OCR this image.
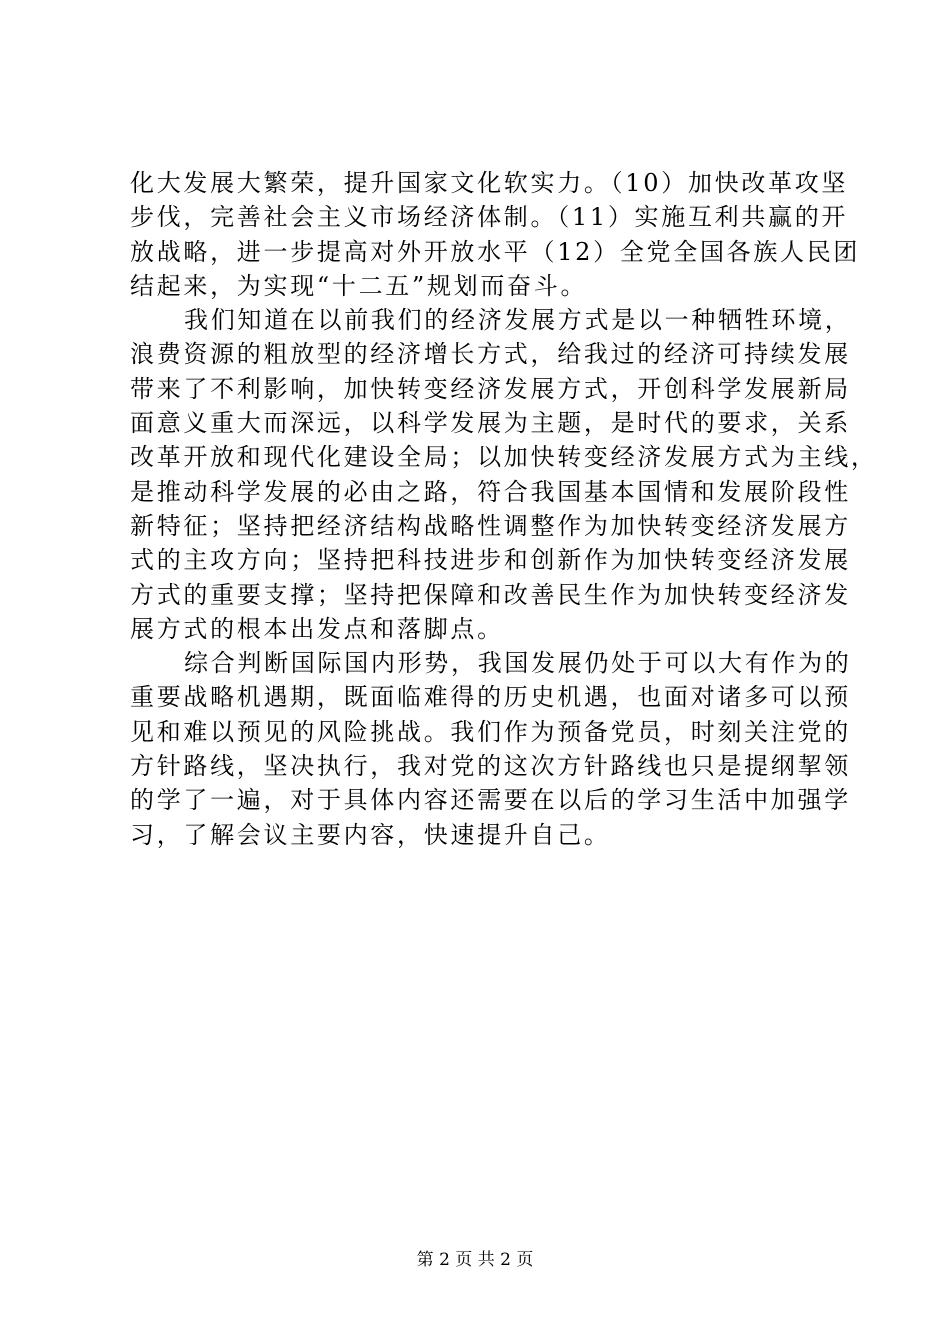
化大发展大繁荣，提升国家文化软实力。（10）加快改革攻坚
步伐，完善社会主义市场经济体制。（11）实施互利共赢的开
放战略，进一步提高对外开放水平（12）全党全国各族人民团
结起来，为实现“十二五”规划而奋斗。
我们知道在以前我们的经济发展方式是以一种牺牲环境，
浪费资源的粗放型的经济增长方式，给我过的经济可持续发展
带来了不利影响，加快转变经济发展方式，开创科学发展新局
面意义重大而深远，以科学发展为主题，是时代的要求，关系
改革开放和现代化建设全局；以加快转变经济发展方式为主线，
是推动科学发展的必由之路，符合我国基本国情和发展阶段性
新特征；坚持把经济结构战略性调整作为加快转变经济发展方
式的主攻方向；坚持把科技进步和创新作为加快转变经济发展
方式的重要支撑；坚持把保障和改善民生作为加快转变经济发
展方式的根本出发点和落脚点。
综合判断国际国内形势，我国发展仍处于可以大有作为的
重要战略机遇期，既面临难得的历史机遇，也面对诸多可以预
见和难以预见的风险挑战。我们作为预备党员，时刻关注党的
方针路线，坚决执行，我对党的这次方针路线也只是提纲挈领
的学了一遍，对于具体内容还需要在以后的学习生活中加强学
习，了解会议主要内容，快速提升自己。
第 2 页 共 2 页
